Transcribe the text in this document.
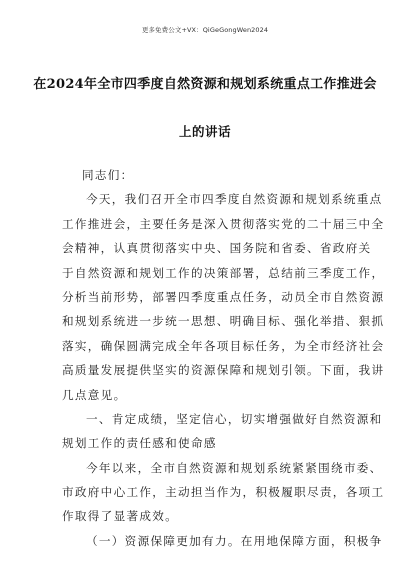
更多免费公文+VX：QiGeGongWen2024
在2024年全市四季度自然资源和规划系统重点工作推进会
上的讲话
同志们：
今天，我们召开全市四季度自然资源和规划系统重点
工作推进会，主要任务是深入贯彻落实党的二十届三中全
会精神，认真贯彻落实中央、国务院和省委、省政府关
于自然资源和规划工作的决策部署，总结前三季度工作，
分析当前形势，部署四季度重点任务，动员全市自然资源
和规划系统进一步统一思想、明确目标、强化举措、狠抓
落实，确保圆满完成全年各项目标任务，为全市经济社会
高质量发展提供坚实的资源保障和规划引领。下面，我讲
几点意见。
一、肯定成绩，坚定信心，切实增强做好自然资源和
规划工作的责任感和使命感
今年以来，全市自然资源和规划系统紧紧围绕市委、
市政府中心工作，主动担当作为，积极履职尽责，各项工
作取得了显著成效。
（一）资源保障更加有力。在用地保障方面，积极争
